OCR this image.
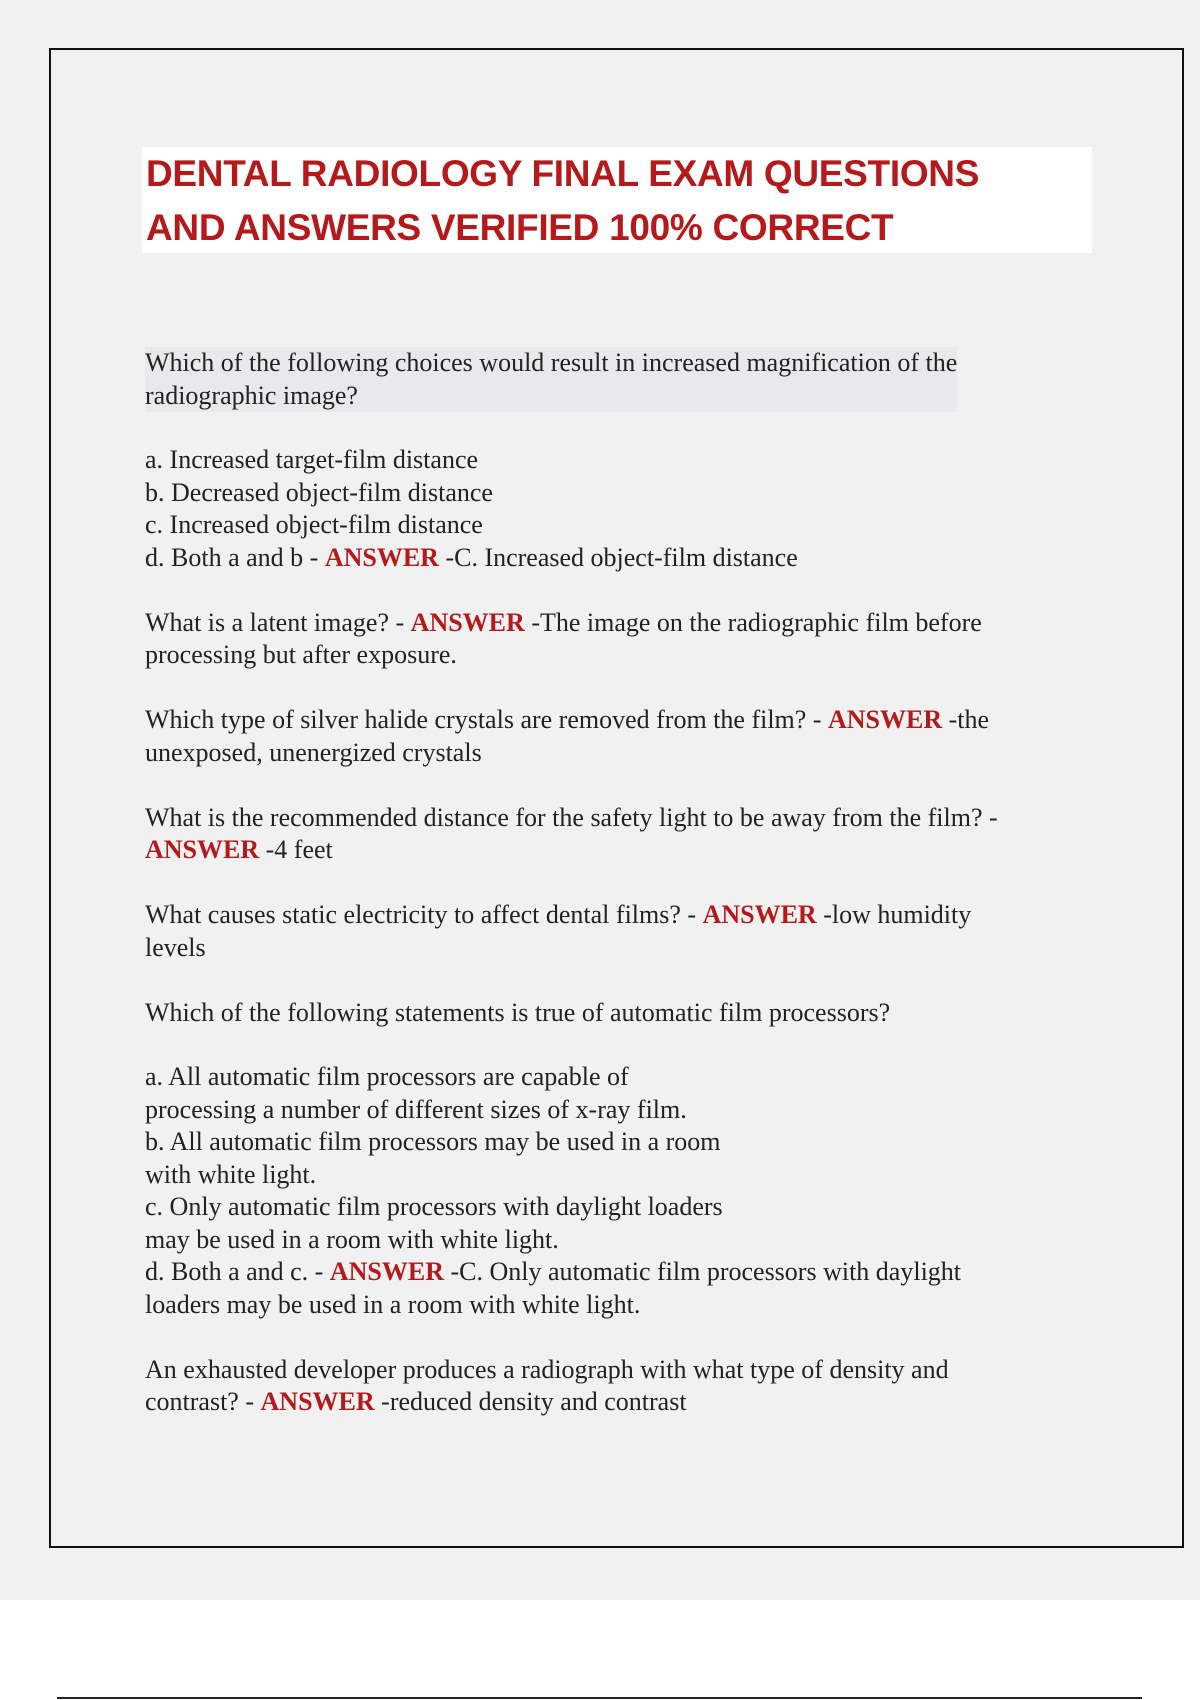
DENTAL RADIOLOGY FINAL EXAM QUESTIONS
AND ANSWERS VERIFIED 100% CORRECT

Which of the following choices would result in increased magnification of the
radiographic image?

a. Increased target-film distance

b. Decreased object-film distance

c. Increased object-film distance

d. Both a and b - ANSWER -C. Increased object-film distance

What is a latent image? - ANSWER -The image on the radiographic film before
processing but after exposure.

Which type of silver halide crystals are removed from the film? - ANSWER -the
unexposed, unenergized crystals

What is the recommended distance for the safety light to be away from the film? -
ANSWER -4 feet

What causes static electricity to affect dental films? - ANSWER -low humidity
levels

Which of the following statements is true of automatic film processors?

a. All automatic film processors are capable of
processing a number of different sizes of x-ray film.

b. All automatic film processors may be used in a room
with white light.

c. Only automatic film processors with daylight loaders
may be used in a room with white light.

d. Both a and c. - ANSWER -C. Only automatic film processors with daylight
loaders may be used in a room with white light.

An exhausted developer produces a radiograph with what type of density and
contrast? - ANSWER -reduced density and contrast
